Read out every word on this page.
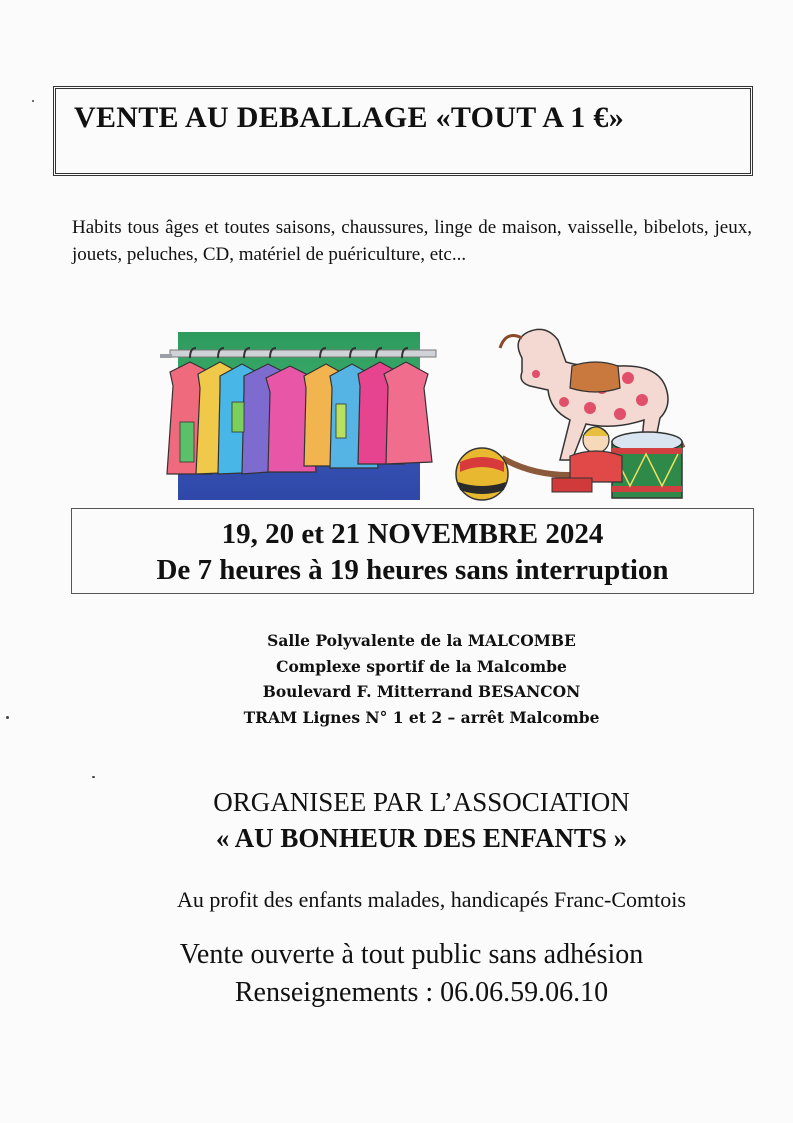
VENTE AU DEBALLAGE «TOUT A 1 €»

Habits tous âges et toutes saisons, chaussures, linge de maison, vaisselle, bibelots, jeux, jouets, peluches, CD, matériel de puériculture, etc...

19, 20 et 21 NOVEMBRE 2024

De 7 heures à 19 heures sans interruption

Salle Polyvalente de la MALCOMBE
Complexe sportif de la Malcombe
Boulevard F. Mitterrand BESANCON
TRAM Lignes N° 1 et 2 – arrêt Malcombe
ORGANISEE PAR L’ASSOCIATION
« AU BONHEUR DES ENFANTS »
Au profit des enfants malades, handicapés Franc-Comtois
Vente ouverte à tout public sans adhésion
Renseignements : 06.06.59.06.10
